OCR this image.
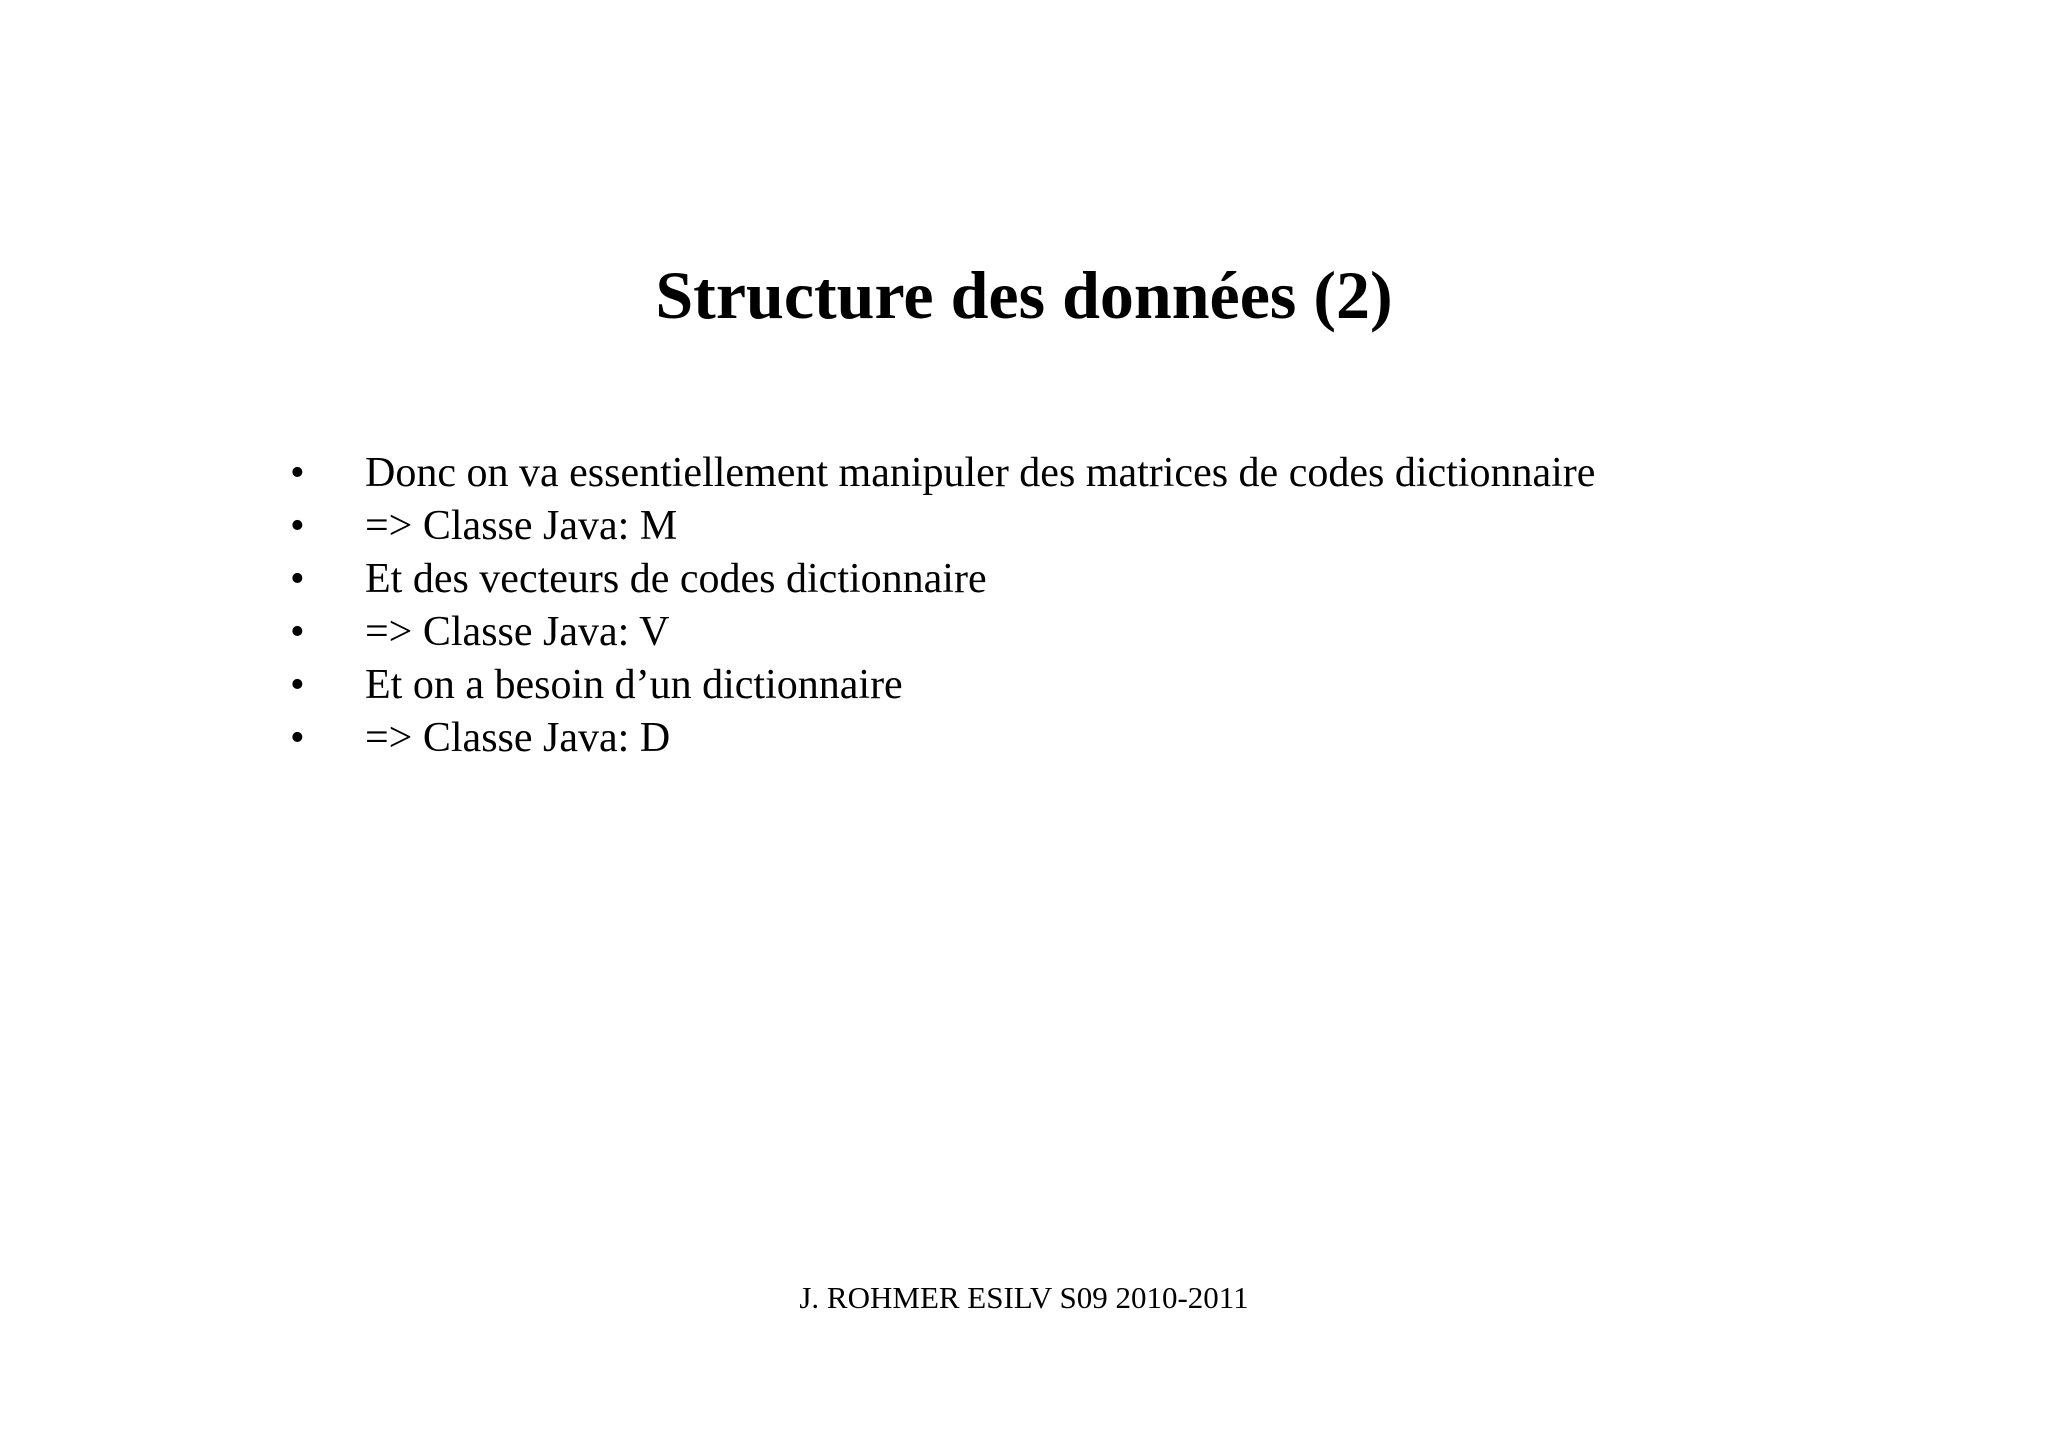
Structure des données (2)
•	Donc on va essentiellement manipuler des matrices de codes dictionnaire
•	=> Classe Java: M
•	Et des vecteurs de codes dictionnaire
•	=> Classe Java: V
•	Et on a besoin d’un dictionnaire
•	=> Classe Java: D
J. ROHMER ESILV S09 2010-2011
